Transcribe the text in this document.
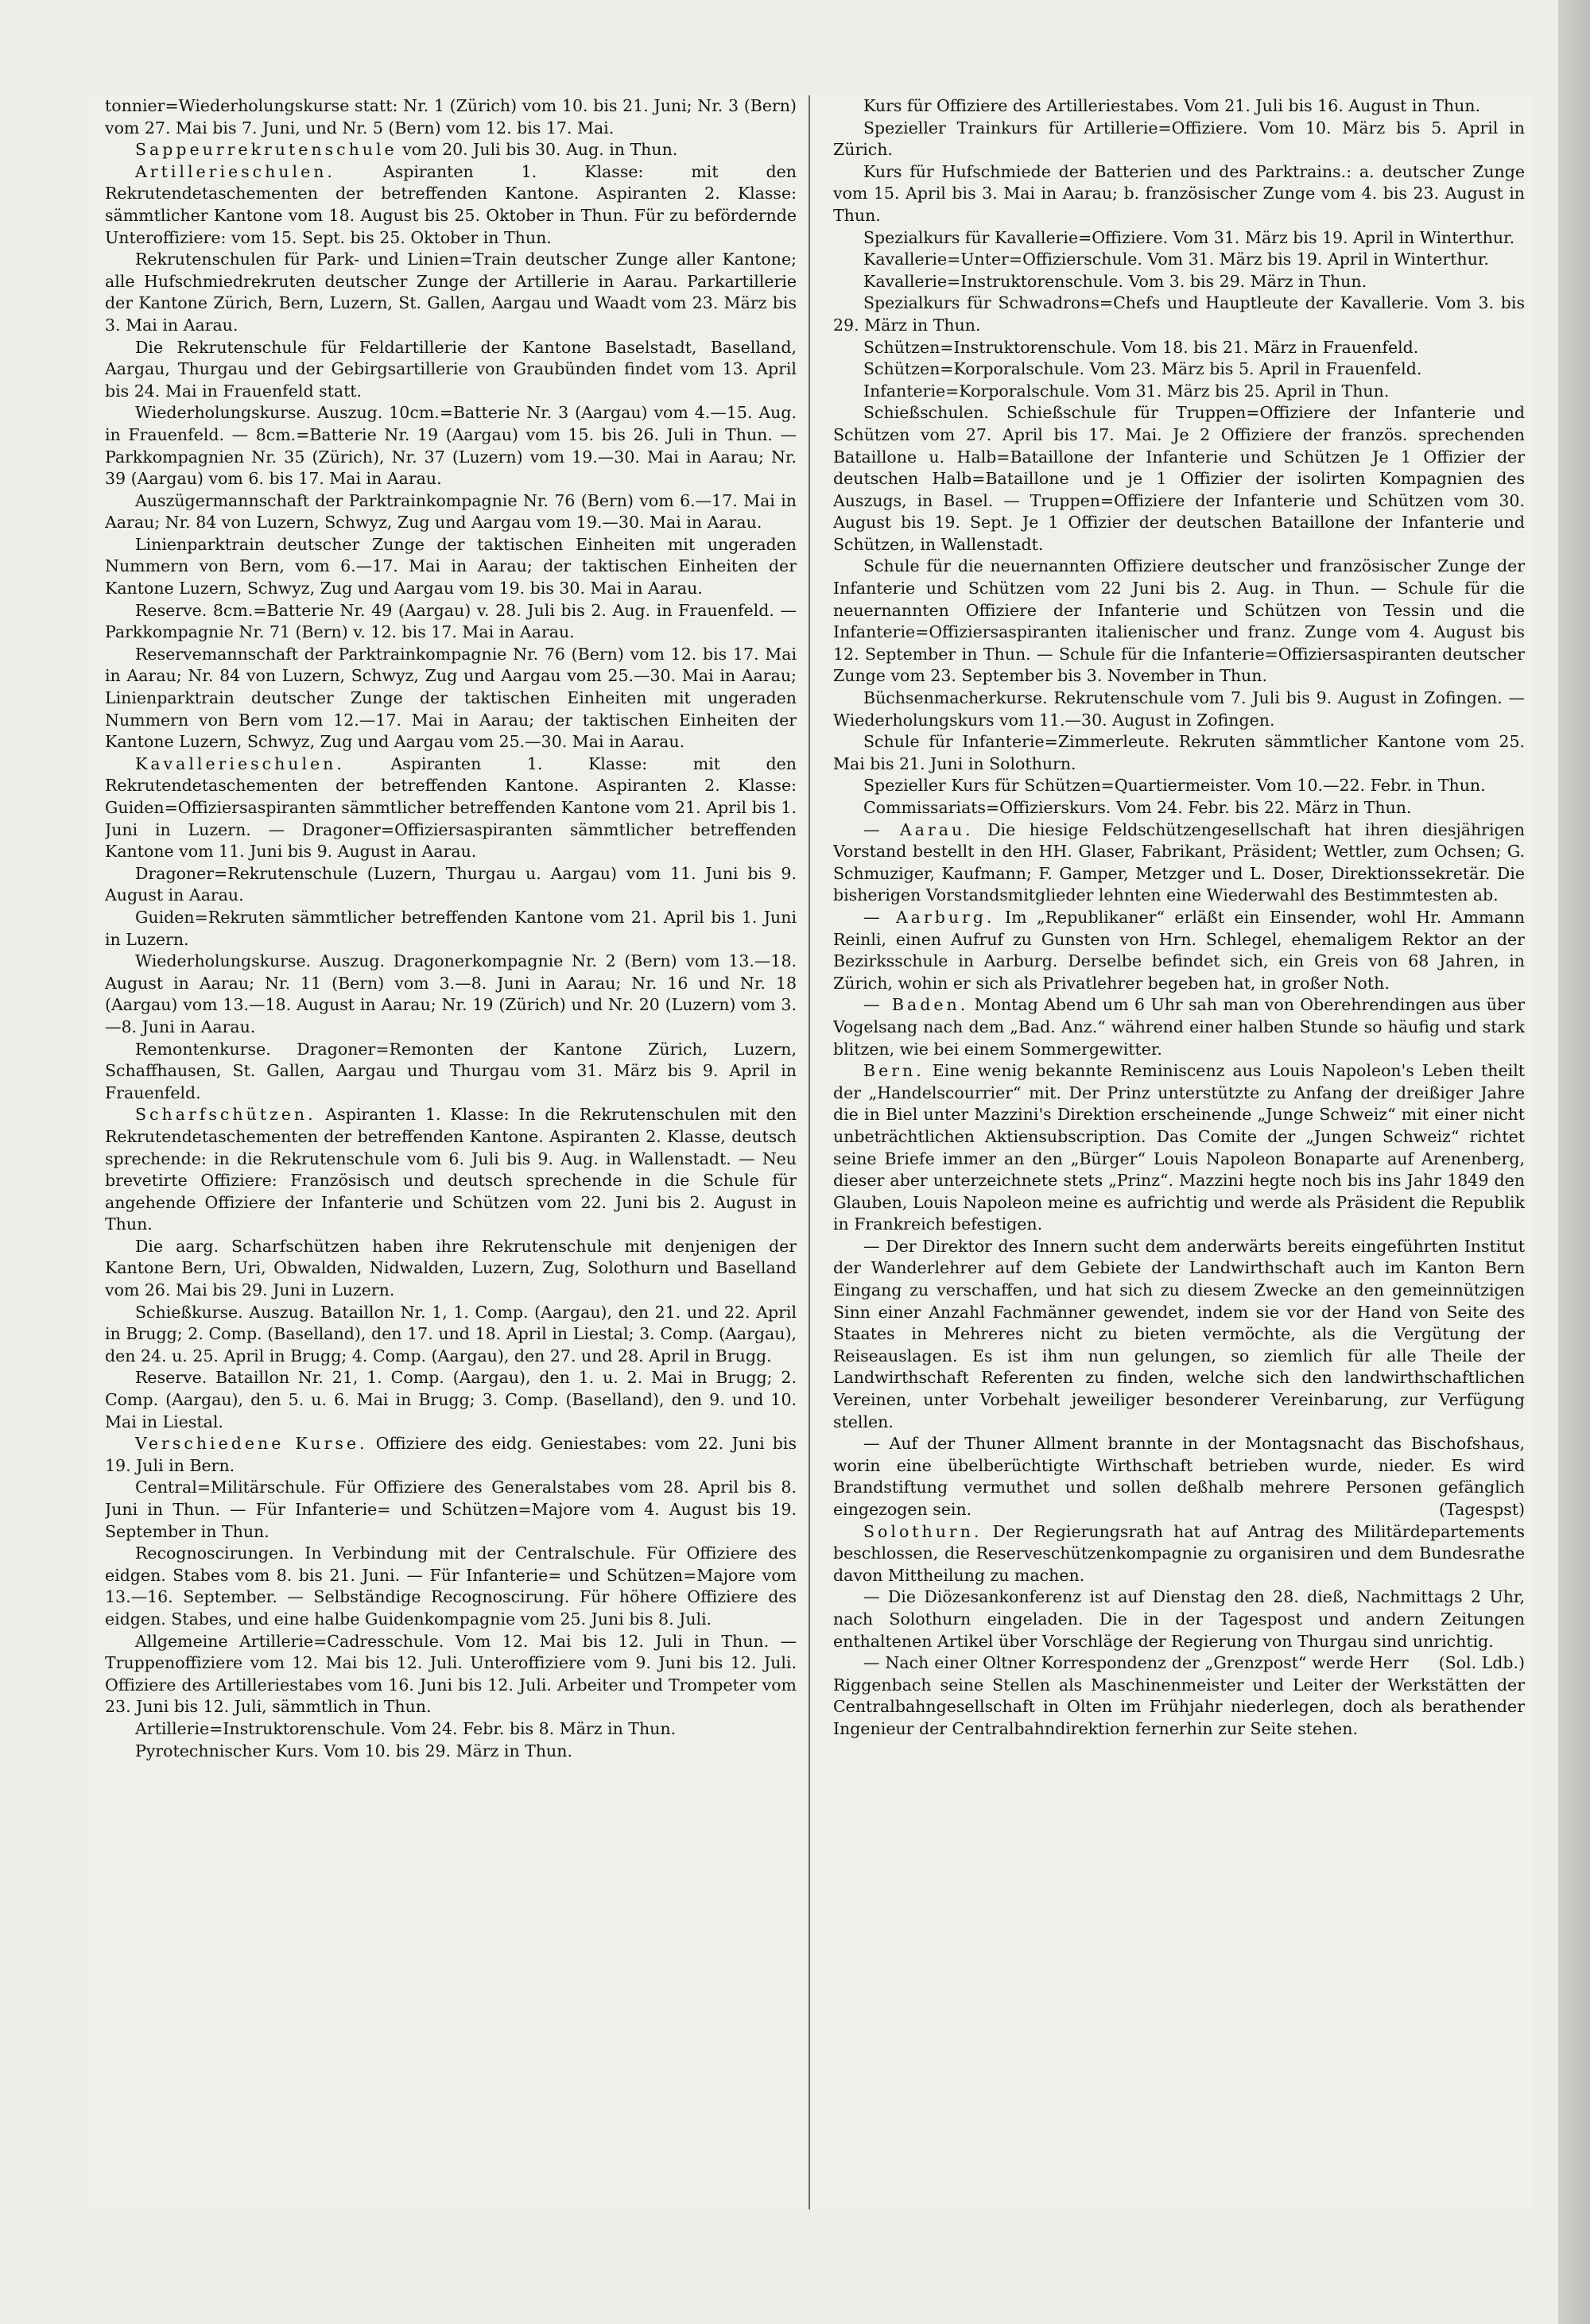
tonnier=Wiederholungskurse statt: Nr. 1 (Zürich) vom 10. bis 21. Juni; Nr. 3 (Bern) vom 27. Mai bis 7. Juni, und Nr. 5 (Bern) vom 12. bis 17. Mai.

Sappeurrekrutenschule vom 20. Juli bis 30. Aug. in Thun.

Artillerieschulen. Aspiranten 1. Klasse: mit den Rekrutendetaschementen der betreffenden Kantone. Aspiranten 2. Klasse: sämmtlicher Kantone vom 18. August bis 25. Oktober in Thun. Für zu befördernde Unteroffiziere: vom 15. Sept. bis 25. Oktober in Thun.

Rekrutenschulen für Park- und Linien=Train deutscher Zunge aller Kantone; alle Hufschmiedrekruten deutscher Zunge der Artillerie in Aarau. Parkartillerie der Kantone Zürich, Bern, Luzern, St. Gallen, Aargau und Waadt vom 23. März bis 3. Mai in Aarau.

Die Rekrutenschule für Feldartillerie der Kantone Baselstadt, Baselland, Aargau, Thurgau und der Gebirgsartillerie von Graubünden findet vom 13. April bis 24. Mai in Frauenfeld statt.

Wiederholungskurse. Auszug. 10cm.=Batterie Nr. 3 (Aargau) vom 4.—15. Aug. in Frauenfeld. — 8cm.=Batterie Nr. 19 (Aargau) vom 15. bis 26. Juli in Thun. — Parkkompagnien Nr. 35 (Zürich), Nr. 37 (Luzern) vom 19.—30. Mai in Aarau; Nr. 39 (Aargau) vom 6. bis 17. Mai in Aarau.

Auszügermannschaft der Parktrainkompagnie Nr. 76 (Bern) vom 6.—17. Mai in Aarau; Nr. 84 von Luzern, Schwyz, Zug und Aargau vom 19.—30. Mai in Aarau.

Linienparktrain deutscher Zunge der taktischen Einheiten mit ungeraden Nummern von Bern, vom 6.—17. Mai in Aarau; der taktischen Einheiten der Kantone Luzern, Schwyz, Zug und Aargau vom 19. bis 30. Mai in Aarau.

Reserve. 8cm.=Batterie Nr. 49 (Aargau) v. 28. Juli bis 2. Aug. in Frauenfeld. — Parkkompagnie Nr. 71 (Bern) v. 12. bis 17. Mai in Aarau.

Reservemannschaft der Parktrainkompagnie Nr. 76 (Bern) vom 12. bis 17. Mai in Aarau; Nr. 84 von Luzern, Schwyz, Zug und Aargau vom 25.—30. Mai in Aarau; Linienparktrain deutscher Zunge der taktischen Einheiten mit ungeraden Nummern von Bern vom 12.—17. Mai in Aarau; der taktischen Einheiten der Kantone Luzern, Schwyz, Zug und Aargau vom 25.—30. Mai in Aarau.

Kavallerieschulen. Aspiranten 1. Klasse: mit den Rekrutendetaschementen der betreffenden Kantone. Aspiranten 2. Klasse: Guiden=Offiziersaspiranten sämmtlicher betreffenden Kantone vom 21. April bis 1. Juni in Luzern. — Dragoner=Offiziersaspiranten sämmtlicher betreffenden Kantone vom 11. Juni bis 9. August in Aarau.

Dragoner=Rekrutenschule (Luzern, Thurgau u. Aargau) vom 11. Juni bis 9. August in Aarau.

Guiden=Rekruten sämmtlicher betreffenden Kantone vom 21. April bis 1. Juni in Luzern.

Wiederholungskurse. Auszug. Dragonerkompagnie Nr. 2 (Bern) vom 13.—18. August in Aarau; Nr. 11 (Bern) vom 3.—8. Juni in Aarau; Nr. 16 und Nr. 18 (Aargau) vom 13.—18. August in Aarau; Nr. 19 (Zürich) und Nr. 20 (Luzern) vom 3.—8. Juni in Aarau.

Remontenkurse. Dragoner=Remonten der Kantone Zürich, Luzern, Schaffhausen, St. Gallen, Aargau und Thurgau vom 31. März bis 9. April in Frauenfeld.

Scharfschützen. Aspiranten 1. Klasse: In die Rekrutenschulen mit den Rekrutendetaschementen der betreffenden Kantone. Aspiranten 2. Klasse, deutsch sprechende: in die Rekrutenschule vom 6. Juli bis 9. Aug. in Wallenstadt. — Neu brevetirte Offiziere: Französisch und deutsch sprechende in die Schule für angehende Offiziere der Infanterie und Schützen vom 22. Juni bis 2. August in Thun.

Die aarg. Scharfschützen haben ihre Rekrutenschule mit denjenigen der Kantone Bern, Uri, Obwalden, Nidwalden, Luzern, Zug, Solothurn und Baselland vom 26. Mai bis 29. Juni in Luzern.

Schießkurse. Auszug. Bataillon Nr. 1, 1. Comp. (Aargau), den 21. und 22. April in Brugg; 2. Comp. (Baselland), den 17. und 18. April in Liestal; 3. Comp. (Aargau), den 24. u. 25. April in Brugg; 4. Comp. (Aargau), den 27. und 28. April in Brugg.

Reserve. Bataillon Nr. 21, 1. Comp. (Aargau), den 1. u. 2. Mai in Brugg; 2. Comp. (Aargau), den 5. u. 6. Mai in Brugg; 3. Comp. (Baselland), den 9. und 10. Mai in Liestal.

Verschiedene Kurse. Offiziere des eidg. Geniestabes: vom 22. Juni bis 19. Juli in Bern.

Central=Militärschule. Für Offiziere des Generalstabes vom 28. April bis 8. Juni in Thun. — Für Infanterie= und Schützen=Majore vom 4. August bis 19. September in Thun.

Recognoscirungen. In Verbindung mit der Centralschule. Für Offiziere des eidgen. Stabes vom 8. bis 21. Juni. — Für Infanterie= und Schützen=Majore vom 13.—16. September. — Selbständige Recognoscirung. Für höhere Offiziere des eidgen. Stabes, und eine halbe Guidenkompagnie vom 25. Juni bis 8. Juli.

Allgemeine Artillerie=Cadresschule. Vom 12. Mai bis 12. Juli in Thun. — Truppenoffiziere vom 12. Mai bis 12. Juli. Unteroffiziere vom 9. Juni bis 12. Juli. Offiziere des Artilleriestabes vom 16. Juni bis 12. Juli. Arbeiter und Trompeter vom 23. Juni bis 12. Juli, sämmtlich in Thun.

Artillerie=Instruktorenschule. Vom 24. Febr. bis 8. März in Thun.

Pyrotechnischer Kurs. Vom 10. bis 29. März in Thun.

Kurs für Offiziere des Artilleriestabes. Vom 21. Juli bis 16. August in Thun.

Spezieller Trainkurs für Artillerie=Offiziere. Vom 10. März bis 5. April in Zürich.

Kurs für Hufschmiede der Batterien und des Parktrains.: a. deutscher Zunge vom 15. April bis 3. Mai in Aarau; b. französischer Zunge vom 4. bis 23. August in Thun.

Spezialkurs für Kavallerie=Offiziere. Vom 31. März bis 19. April in Winterthur.

Kavallerie=Unter=Offizierschule. Vom 31. März bis 19. April in Winterthur.

Kavallerie=Instruktorenschule. Vom 3. bis 29. März in Thun.

Spezialkurs für Schwadrons=Chefs und Hauptleute der Kavallerie. Vom 3. bis 29. März in Thun.

Schützen=Instruktorenschule. Vom 18. bis 21. März in Frauenfeld.

Schützen=Korporalschule. Vom 23. März bis 5. April in Frauenfeld.

Infanterie=Korporalschule. Vom 31. März bis 25. April in Thun.

Schießschulen. Schießschule für Truppen=Offiziere der Infanterie und Schützen vom 27. April bis 17. Mai. Je 2 Offiziere der französ. sprechenden Bataillone u. Halb=Bataillone der Infanterie und Schützen Je 1 Offizier der deutschen Halb=Bataillone und je 1 Offizier der isolirten Kompagnien des Auszugs, in Basel. — Truppen=Offiziere der Infanterie und Schützen vom 30. August bis 19. Sept. Je 1 Offizier der deutschen Bataillone der Infanterie und Schützen, in Wallenstadt.

Schule für die neuernannten Offiziere deutscher und französischer Zunge der Infanterie und Schützen vom 22 Juni bis 2. Aug. in Thun. — Schule für die neuernannten Offiziere der Infanterie und Schützen von Tessin und die Infanterie=Offiziersaspiranten italienischer und franz. Zunge vom 4. August bis 12. September in Thun. — Schule für die Infanterie=Offiziersaspiranten deutscher Zunge vom 23. September bis 3. November in Thun.

Büchsenmacherkurse. Rekrutenschule vom 7. Juli bis 9. August in Zofingen. — Wiederholungskurs vom 11.—30. August in Zofingen.

Schule für Infanterie=Zimmerleute. Rekruten sämmtlicher Kantone vom 25. Mai bis 21. Juni in Solothurn.

Spezieller Kurs für Schützen=Quartiermeister. Vom 10.—22. Febr. in Thun.

Commissariats=Offizierskurs. Vom 24. Febr. bis 22. März in Thun.

— Aarau. Die hiesige Feldschützengesellschaft hat ihren diesjährigen Vorstand bestellt in den HH. Glaser, Fabrikant, Präsident; Wettler, zum Ochsen; G. Schmuziger, Kaufmann; F. Gamper, Metzger und L. Doser, Direktionssekretär. Die bisherigen Vorstandsmitglieder lehnten eine Wiederwahl des Bestimmtesten ab.

— Aarburg. Im „Republikaner“ erläßt ein Einsender, wohl Hr. Ammann Reinli, einen Aufruf zu Gunsten von Hrn. Schlegel, ehemaligem Rektor an der Bezirksschule in Aarburg. Derselbe befindet sich, ein Greis von 68 Jahren, in Zürich, wohin er sich als Privatlehrer begeben hat, in großer Noth.

— Baden. Montag Abend um 6 Uhr sah man von Oberehrendingen aus über Vogelsang nach dem „Bad. Anz.“ während einer halben Stunde so häufig und stark blitzen, wie bei einem Sommergewitter.

Bern. Eine wenig bekannte Reminiscenz aus Louis Napoleon's Leben theilt der „Handelscourrier“ mit. Der Prinz unterstützte zu Anfang der dreißiger Jahre die in Biel unter Mazzini's Direktion erscheinende „Junge Schweiz“ mit einer nicht unbeträchtlichen Aktiensubscription. Das Comite der „Jungen Schweiz“ richtet seine Briefe immer an den „Bürger“ Louis Napoleon Bonaparte auf Arenenberg, dieser aber unterzeichnete stets „Prinz“. Mazzini hegte noch bis ins Jahr 1849 den Glauben, Louis Napoleon meine es aufrichtig und werde als Präsident die Republik in Frankreich befestigen.

— Der Direktor des Innern sucht dem anderwärts bereits eingeführten Institut der Wanderlehrer auf dem Gebiete der Landwirthschaft auch im Kanton Bern Eingang zu verschaffen, und hat sich zu diesem Zwecke an den gemeinnützigen Sinn einer Anzahl Fachmänner gewendet, indem sie vor der Hand von Seite des Staates in Mehreres nicht zu bieten vermöchte, als die Vergütung der Reiseauslagen. Es ist ihm nun gelungen, so ziemlich für alle Theile der Landwirthschaft Referenten zu finden, welche sich den landwirthschaftlichen Vereinen, unter Vorbehalt jeweiliger besonderer Vereinbarung, zur Verfügung stellen.

— Auf der Thuner Allment brannte in der Montagsnacht das Bischofshaus, worin eine übelberüchtigte Wirthschaft betrieben wurde, nieder. Es wird Brandstiftung vermuthet und sollen deßhalb mehrere Personen gefänglich eingezogen sein.	(Tagespst)

Solothurn. Der Regierungsrath hat auf Antrag des Militärdepartements beschlossen, die Reserveschützenkompagnie zu organisiren und dem Bundesrathe davon Mittheilung zu machen.

— Die Diözesankonferenz ist auf Dienstag den 28. dieß, Nachmittags 2 Uhr, nach Solothurn eingeladen. Die in der Tagespost und andern Zeitungen enthaltenen Artikel über Vorschläge der Regierung von Thurgau sind unrichtig.
(Sol. Ldb.)

— Nach einer Oltner Korrespondenz der „Grenzpost“ werde Herr Riggenbach seine Stellen als Maschinenmeister und Leiter der Werkstätten der Centralbahngesellschaft in Olten im Frühjahr niederlegen, doch als berathender Ingenieur der Centralbahndirektion fernerhin zur Seite stehen.
